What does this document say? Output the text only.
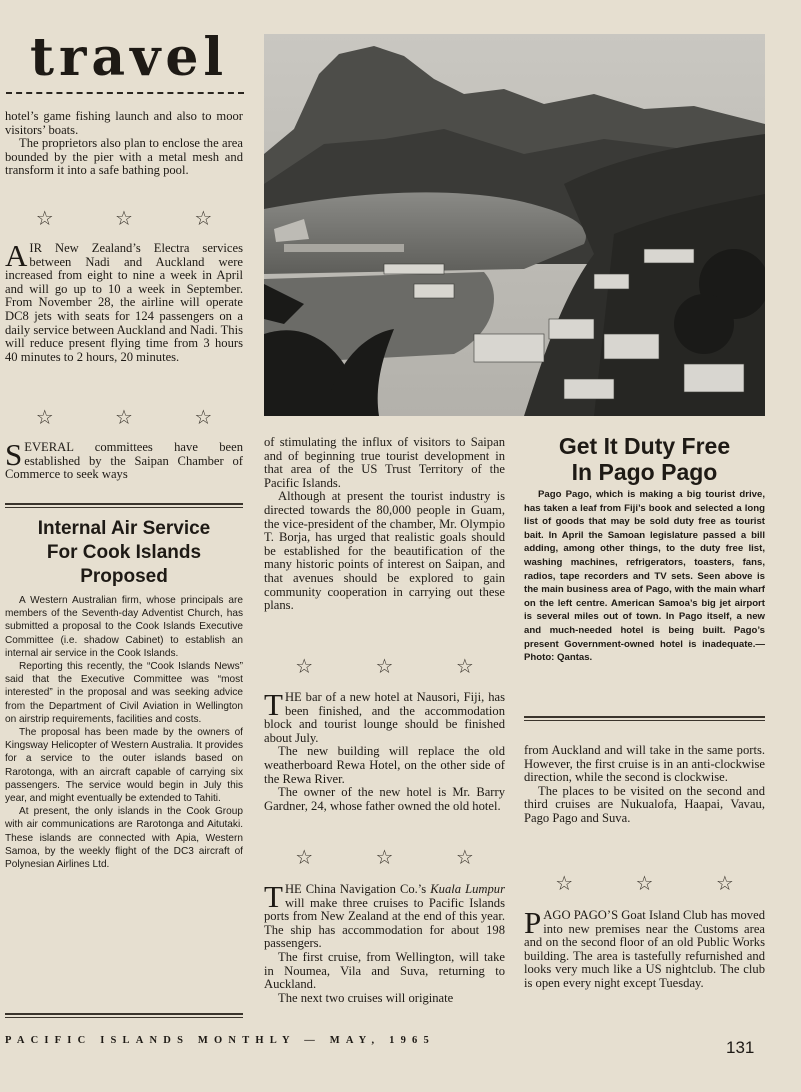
travel

hotel’s game fishing launch and also to moor visitors’ boats.

The proprietors also plan to enclose the area bounded by the pier with a metal mesh and transform it into a safe bathing pool.

☆	☆	☆
A IR New Zealand’s Electra services between Nadi and Auckland were increased from eight to nine a week in April and will go up to 10 a week in September. From November 28, the airline will operate DC8 jets with seats for 124 passengers on a daily service between Auckland and Nadi. This will reduce present flying time from 3 hours 40 minutes to 2 hours, 20 minutes.
☆	☆	☆
S EVERAL committees have been established by the Saipan Chamber of Commerce to seek ways
Internal Air Service
For Cook Islands
Proposed

A Western Australian firm, whose principals are members of the Seventh-day Adventist Church, has submitted a proposal to the Cook Islands Executive Committee (i.e. shadow Cabinet) to establish an internal air service in the Cook Islands.

Reporting this recently, the “Cook Islands News” said that the Executive Committee was “most interested” in the proposal and was seeking advice from the Department of Civil Aviation in Wellington on airstrip requirements, facilities and costs.

The proposal has been made by the owners of Kingsway Helicopter of Western Australia. It provides for a service to the outer islands based on Rarotonga, with an aircraft capable of carrying six passengers. The service would begin in July this year, and might eventually be extended to Tahiti.

At present, the only islands in the Cook Group with air communications are Rarotonga and Aitutaki. These islands are connected with Apia, Western Samoa, by the weekly flight of the DC3 aircraft of Polynesian Airlines Ltd.

of stimulating the influx of visitors to Saipan and of beginning true tourist development in that area of the US Trust Territory of the Pacific Islands.

Although at present the tourist industry is directed towards the 80,000 people in Guam, the vice-president of the chamber, Mr. Olympio T. Borja, has urged that realistic goals should be established for the beautification of the many historic points of interest on Saipan, and that avenues should be explored to gain community cooperation in carrying out these plans.

☆	☆	☆
T HE bar of a new hotel at Nausori, Fiji, has been finished, and the accommodation block and tourist lounge should be finished about July.

The new building will replace the old weatherboard Rewa Hotel, on the other side of the Rewa River.

The owner of the new hotel is Mr. Barry Gardner, 24, whose father owned the old hotel.

☆	☆	☆
T HE China Navigation Co.’s Kuala Lumpur will make three cruises to Pacific Islands ports from New Zealand at the end of this year. The ship has accommodation for about 198 passengers.

The first cruise, from Wellington, will take in Noumea, Vila and Suva, returning to Auckland.

The next two cruises will originate

Get It Duty Free
In Pago Pago

Pago Pago, which is making a big tourist drive, has taken a leaf from Fiji’s book and selected a long list of goods that may be sold duty free as tourist bait. In April the Samoan legislature passed a bill adding, among other things, to the duty free list, washing machines, refrigerators, toasters, fans, radios, tape recorders and TV sets. Seen above is the main business area of Pago, with the main wharf on the left centre. American Samoa’s big jet airport is several miles out of town. In Pago itself, a new and much-needed hotel is being built. Pago’s present Government-owned hotel is inadequate.—Photo: Qantas.

from Auckland and will take in the same ports. However, the first cruise is in an anti-clockwise direction, while the second is clockwise.

The places to be visited on the second and third cruises are Nukualofa, Haapai, Vavau, Pago Pago and Suva.

☆	☆	☆
P AGO PAGO’S Goat Island Club has moved into new premises near the Customs area and on the second floor of an old Public Works building. The area is tastefully refurnished and looks very much like a US nightclub. The club is open every night except Tuesday.
PACIFIC ISLANDS MONTHLY — MAY, 1965	131
